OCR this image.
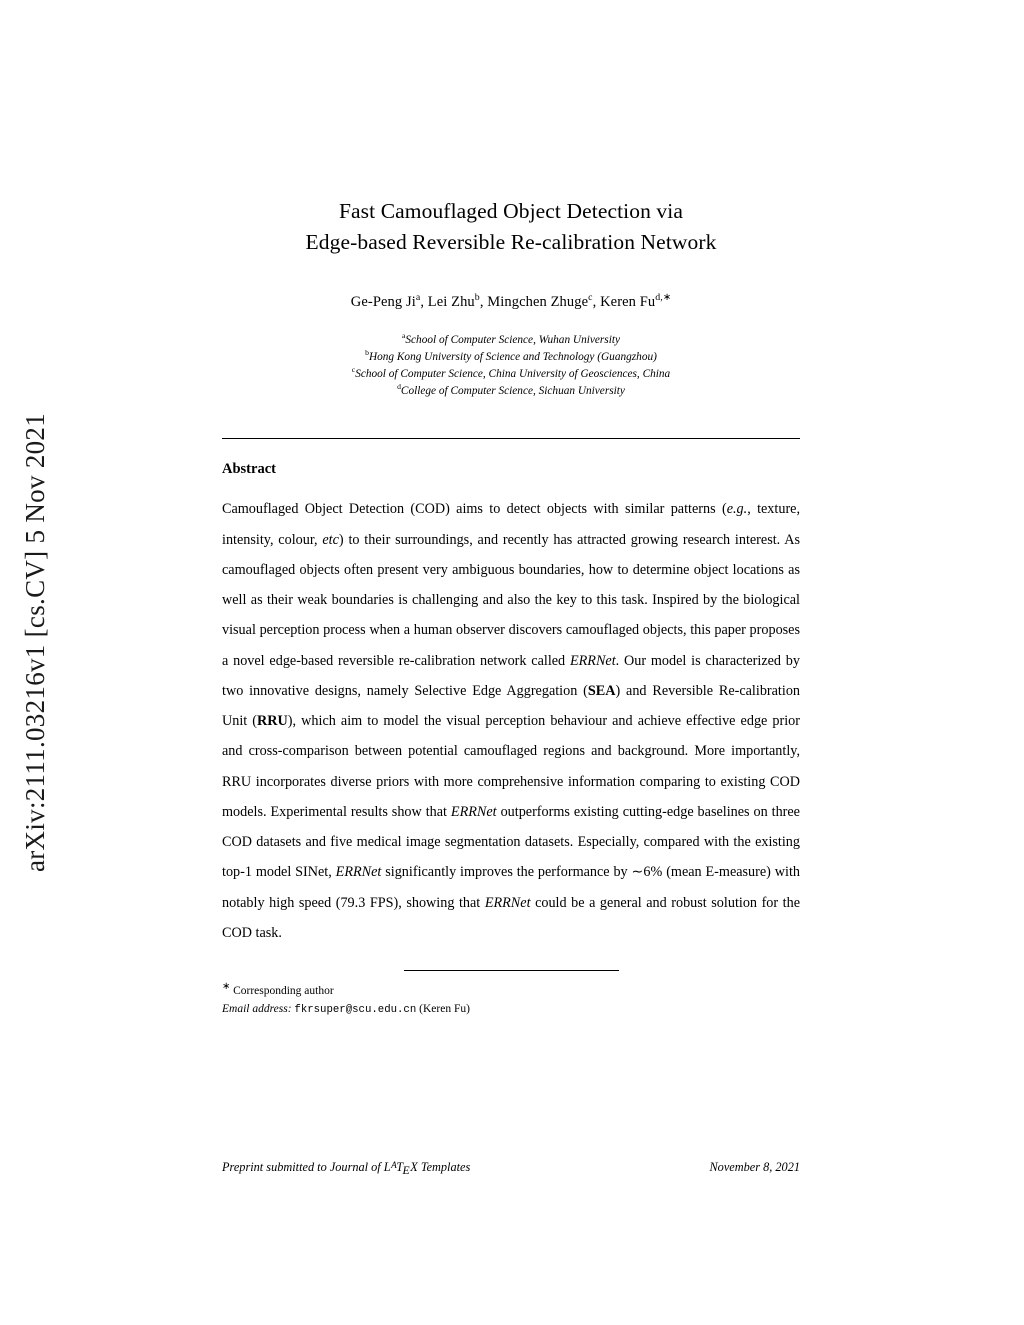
arXiv:2111.03216v1 [cs.CV] 5 Nov 2021
Fast Camouflaged Object Detection via
Edge-based Reversible Re-calibration Network
Ge-Peng Ji$^a$, Lei Zhu$^b$, Mingchen Zhuge$^c$, Keren $Fu^{d,∗}$
$^a$School of Computer Science, Wuhan University
$^b$Hong Kong University of Science and Technology (Guangzhou)
$^c$School of Computer Science, China University of Geosciences, China
$^d$College of Computer Science, Sichuan University
Abstract
Camouflaged Object Detection (COD) aims to detect objects with similar patterns (e.g., texture, intensity, colour, etc) to their surroundings, and recently has attracted growing research interest. As camouflaged objects often present very ambiguous boundaries, how to determine object locations as well as their weak boundaries is challenging and also the key to this task. Inspired by the biological visual perception process when a human observer discovers camouflaged objects, this paper proposes a novel edge-based reversible re-calibration network called ERRNet. Our model is characterized by two innovative designs, namely Selective Edge Aggregation (SEA) and Reversible Re-calibration Unit (RRU), which aim to model the visual perception behaviour and achieve effective edge prior and cross-comparison between potential camouflaged regions and background. More importantly, RRU incorporates diverse priors with more comprehensive information comparing to existing COD models. Experimental results show that ERRNet outperforms existing cutting-edge baselines on three COD datasets and five medical image segmentation datasets. Especially, compared with the existing top-1 model SINet, ERRNet significantly improves the performance by ∼6% (mean E-measure) with notably high speed (79.3 FPS), showing that ERRNet could be a general and robust solution for the COD task.
∗ Corresponding author
Email address: fkrsuper@scu.edu.cn (Keren Fu)
Preprint submitted to Journal of $L^ATEX$ Templates	November 8, 2021
